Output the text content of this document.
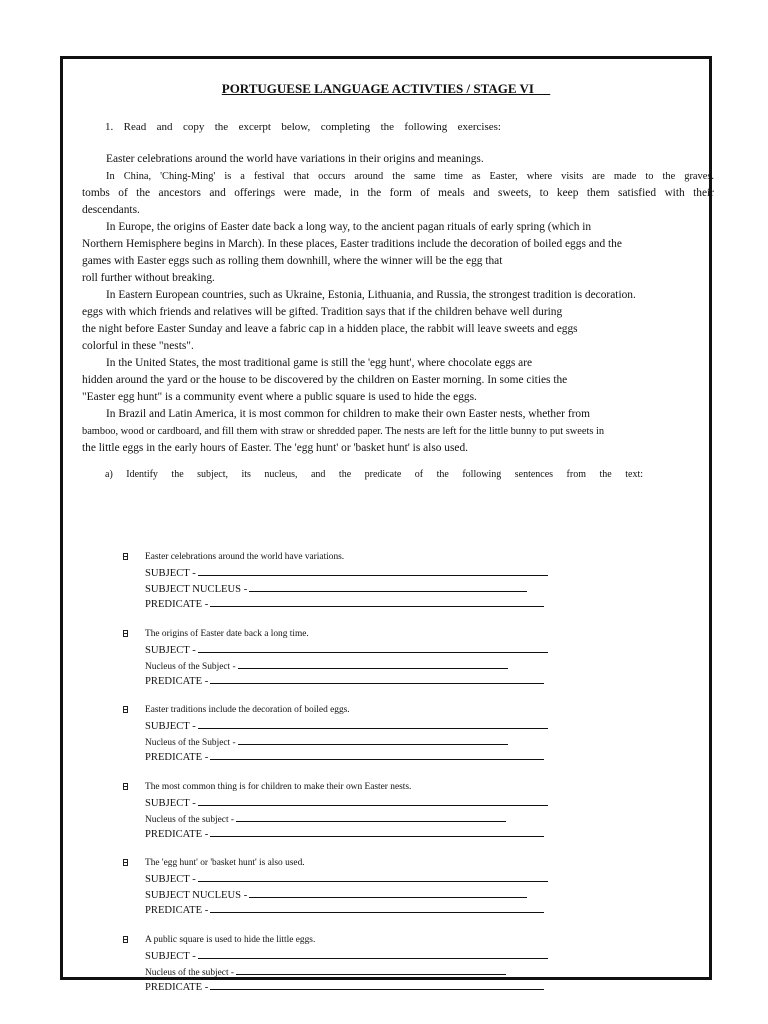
PORTUGUESE LANGUAGE ACTIVTIES / STAGE VI
1. Read and copy the excerpt below, completing the following exercises:
Easter celebrations around the world have variations in their origins and meanings.
In China, 'Ching-Ming' is a festival that occurs around the same time as Easter, where visits are made to the graves.
tombs of the ancestors and offerings were made, in the form of meals and sweets, to keep them satisfied with their
descendants.
In Europe, the origins of Easter date back a long way, to the ancient pagan rituals of early spring (which in
Northern Hemisphere begins in March). In these places, Easter traditions include the decoration of boiled eggs and the
games with Easter eggs such as rolling them downhill, where the winner will be the egg that
roll further without breaking.
In Eastern European countries, such as Ukraine, Estonia, Lithuania, and Russia, the strongest tradition is decoration.
eggs with which friends and relatives will be gifted. Tradition says that if the children behave well during
the night before Easter Sunday and leave a fabric cap in a hidden place, the rabbit will leave sweets and eggs
colorful in these "nests".
In the United States, the most traditional game is still the 'egg hunt', where chocolate eggs are
hidden around the yard or the house to be discovered by the children on Easter morning. In some cities the
"Easter egg hunt" is a community event where a public square is used to hide the eggs.
In Brazil and Latin America, it is most common for children to make their own Easter nests, whether from
bamboo, wood or cardboard, and fill them with straw or shredded paper. The nests are left for the little bunny to put sweets in
the little eggs in the early hours of Easter. The 'egg hunt' or 'basket hunt' is also used.
a) Identify the subject, its nucleus, and the predicate of the following sentences from the text:
Easter celebrations around the world have variations.
SUBJECT -
SUBJECT NUCLEUS -
PREDICATE -
The origins of Easter date back a long time.
SUBJECT -
Nucleus of the Subject -
PREDICATE -
Easter traditions include the decoration of boiled eggs.
SUBJECT -
Nucleus of the Subject -
PREDICATE -
The most common thing is for children to make their own Easter nests.
SUBJECT -
Nucleus of the subject -
PREDICATE -
The 'egg hunt' or 'basket hunt' is also used.
SUBJECT -
SUBJECT NUCLEUS -
PREDICATE -
A public square is used to hide the little eggs.
SUBJECT -
Nucleus of the subject -
PREDICATE -
